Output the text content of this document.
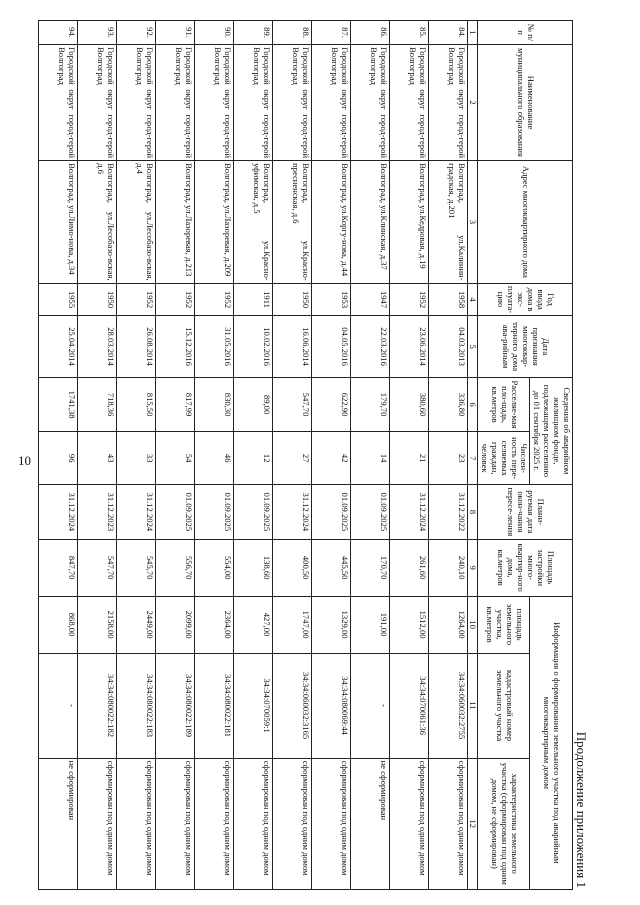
10
Продолжение приложения 1
№ п/п	Наименование муниципального образования	Адрес многоквартирного дома	Год ввода дома в экс-плуата-цию	Дата признания многоквар-тирного дома ава-рийным	Сведения об аварийном жилищном фонде, подлежащем расселению до 01 сентября 2025 г.		Плани-руемая дата окон-чания пересе-ления	Площадь застройки много-квартир-ного дома, кв.метров	Информация о формировании земельного участка под аварийным многоквартирным домом		
					Расселяе-мая пло-щадь, кв.метров	Числен-ность пере-селяемых граждан, человек			площадь земельного участка, кв.метров	кадастровый номер земельного участка	характеристика земельного участка (сформирован под одним домом, не сформирован)
1	2	3	4	5	6	7	8	9	10	11	12
84.	Городской округ город-герой Волгоград	Волгоград, ул.Калинин-градская, д.201	1958	04.03.2013	336,80	23	31.12.2022	240,10	1264,00	34:34:060032:2755	сформирован под одним домом
85.	Городской округ город-герой Волгоград	Волгоград, ул.Кедровая, д.19	1952	23.06.2014	380,60	21	31.12.2024	261,60	1512,00	34:34:070061:36	сформирован под одним домом
86.	Городской округ город-герой Волгоград	Волгоград, ул.Клинская, д.37	1947	22.03.2016	179,70	14	01.09.2025	170,70	191,00	-	не сформирован
87.	Городской округ город-герой Волгоград	Волгоград, ул.Коргу-нова, д.44	1953	04.05.2016	622,90	42	01.09.2025	445,50	1329,00	34:34:080069:44	сформирован под одним домом
88.	Городской округ город-герой Волгоград	Волгоград, ул.Красно-пресненская, д.6	1950	16.06.2014	547,70	27	31.12.2024	400,50	1747,00	34:34:060032:3165	сформирован под одним домом
89.	Городской округ город-герой Волгоград	Волгоград, ул.Красно-уфимская, д.5	1911	10.02.2016	89,00	12	01.09.2025	138,60	427,00	34:34:070059:1	сформирован под одним домом
90.	Городской округ город-герой Волгоград	Волгоград, ул.Лазоревая, д.209	1952	31.05.2016	830,30	46	01.09.2025	554,00	2364,00	34:34:080022:181	сформирован под одним домом
91.	Городской округ город-герой Волгоград	Волгоград, ул.Лазоревая, д.213	1952	15.12.2016	817,99	54	01.09.2025	556,70	2099,00	34:34:080022:189	сформирован под одним домом
92.	Городской округ город-герой Волгоград	Волгоград, ул.Лесобазо-вская, д.4	1952	26.08.2014	815,50	33	31.12.2024	545,70	2449,00	34:34:080022:183	сформирован под одним домом
93.	Городской округ город-герой Волгоград	Волгоград, ул.Лесобазо-вская, д.6	1950	28.03.2014	718,36	43	31.12.2023	547,70	2158,00	34:34:080022:182	сформирован под одним домом
94.	Городской округ город-герой Волгоград	Волгоград, ул.Лимо-нова, д.34	1955	25.04.2014	1741,38	96	31.12.2024	847,70	868,00	-	не сформирован
